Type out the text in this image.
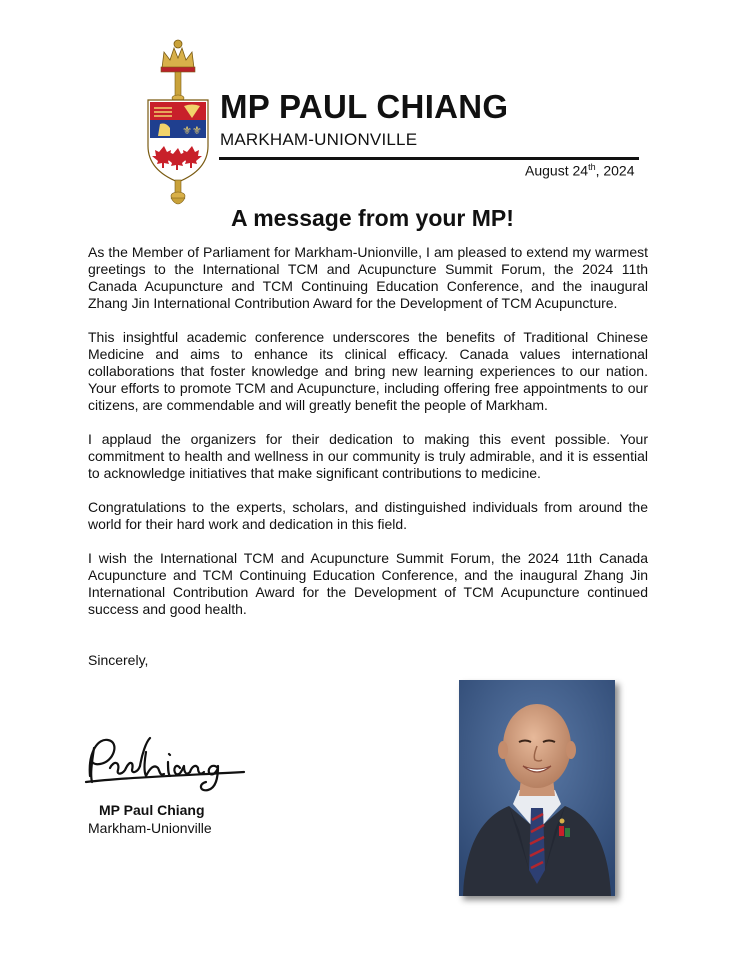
⚜⚜
MP PAUL CHIANG
MARKHAM-UNIONVILLE
August 24th, 2024
A message from your MP!

As the Member of Parliament for Markham-Unionville, I am pleased to extend my warmest greetings to the International TCM and Acupuncture Summit Forum, the 2024 11th Canada Acupuncture and TCM Continuing Education Conference, and the inaugural Zhang Jin International Contribution Award for the Development of TCM Acupuncture.

This insightful academic conference underscores the benefits of Traditional Chinese Medicine and aims to enhance its clinical efficacy. Canada values international collaborations that foster knowledge and bring new learning experiences to our nation. Your efforts to promote TCM and Acupuncture, including offering free appointments to our citizens, are commendable and will greatly benefit the people of Markham.

I applaud the organizers for their dedication to making this event possible. Your commitment to health and wellness in our community is truly admirable, and it is essential to acknowledge initiatives that make significant contributions to medicine.

Congratulations to the experts, scholars, and distinguished individuals from around the world for their hard work and dedication in this field.

I wish the International TCM and Acupuncture Summit Forum, the 2024 11th Canada Acupuncture and TCM Continuing Education Conference, and the inaugural Zhang Jin International Contribution Award for the Development of TCM Acupuncture continued success and good health.

Sincerely,
MP Paul Chiang
Markham-Unionville
